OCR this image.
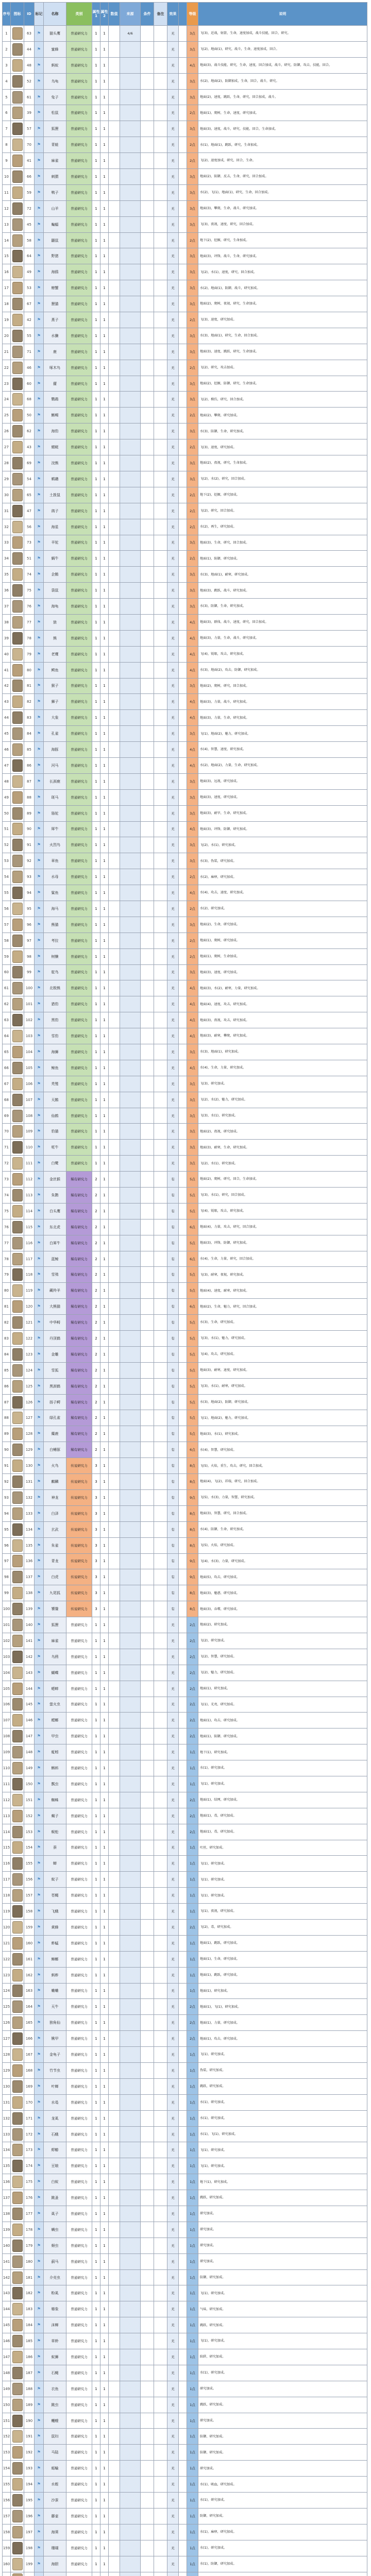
序号	图标	ID	标记	名称	类别	属性1	属性2	数值	来源	条件	备注	效果		等级	说明
1		63	⚑	猫头鹰	普通研究力	1	1		4/6			无		3点	飞(3)，近战，射箭，生命，速度加成，战斗技能，回合，研究。
2		44	⚑	蜜蜂	普通研究力	1	1					无		3点	飞(2)，地面(1)，研究，战斗，生命，速度加成，回合。
3		48	⚑	蚂蚁	普通研究力	1	1					无		4点	地面(3)，战斗技能，研究，生命，速度，回合加成，战斗，研究，防御，攻击，技能，回合。
4		52	⚑	乌龟	普通研究力	1	1					无		3点	水(2)，地面(2)，防御加成，生命，回合，战斗，研究。
5		61	⚑	兔子	普通研究力	1	1					无		3点	地面(2)，速度，跳跃，生命，研究，回合加成，战斗。
6		39	⚑	松鼠	普通研究力	1	1					无		2点	地面(1)，爬树，生命，速度，研究加成。
7		57	⚑	狐狸	普通研究力	1	1					无		3点	地面(3)，速度，战斗，研究，技能，回合，生命加成。
8		70	⚑	青蛙	普通研究力	1	1					无		2点	水(1)，地面(1)，跳跃，研究，生命加成。
9		41	⚑	麻雀	普通研究力	1	1					无		2点	飞(2)，速度加成，研究，回合，生命。
10		66	⚑	刺猬	普通研究力	1	1					无		3点	地面(2)，防御，反击，生命，研究，回合加成。
11		59	⚑	鸭子	普通研究力	1	1					无		3点	水(2)，飞(1)，地面(1)，研究，生命，回合加成。
12		72	⚑	山羊	普通研究力	1	1					无		3点	地面(3)，攀爬，生命，战斗，研究加成。
13		45	⚑	蝙蝠	普通研究力	1	1					无		3点	飞(3)，夜视，速度，研究，回合加成。
14		58	⚑	鼹鼠	普通研究力	1	1					无		2点	地下(2)，挖掘，研究，生命加成。
15		64	⚑	野猪	普通研究力	1	1					无		3点	地面(3)，冲锋，战斗，生命，研究加成。
16		49	⚑	海鸥	普通研究力	1	1					无		3点	飞(2)，水(1)，速度，研究，回合加成。
17		53	⚑	螃蟹	普通研究力	1	1					无		3点	水(2)，地面(1)，防御，战斗，研究加成。
18		67	⚑	狸猫	普通研究力	1	1					无		3点	地面(2)，爬树，夜视，研究，生命加成。
19		42	⚑	燕子	普通研究力	1	1					无		2点	飞(3)，速度，研究加成。
20		55	⚑	水獭	普通研究力	1	1					无		3点	水(3)，地面(1)，研究，生命，回合加成。
21		71	⚑	鹿	普通研究力	1	1					无		3点	地面(3)，速度，跳跃，研究，生命加成。
22		46	⚑	啄木鸟	普通研究力	1	1					无		2点	飞(2)，研究，攻击加成。
23		60	⚑	獾	普通研究力	1	1					无		3点	地面(2)，挖掘，防御，研究，生命加成。
24		68	⚑	鹦鹉	普通研究力	1	1					无		3点	飞(2)，模仿，研究，回合加成。
25		50	⚑	蜥蜴	普通研究力	1	1					无		2点	地面(2)，攀爬，研究加成。
26		62	⚑	海豹	普通研究力	1	1					无		3点	水(3)，防御，生命，研究加成。
27		43	⚑	蜻蜓	普通研究力	1	1					无		2点	飞(3)，速度，研究加成。
28		69	⚑	浣熊	普通研究力	1	1					无		3点	地面(2)，夜视，研究，生命加成。
29		54	⚑	鹈鹕	普通研究力	1	1					无		3点	飞(2)，水(2)，研究，回合加成。
30		65	⚑	土拨鼠	普通研究力	1	1					无		2点	地下(2)，挖掘，研究加成。
31		47	⚑	鸽子	普通研究力	1	1					无		2点	飞(2)，研究，回合加成。
32		56	⚑	海星	普通研究力	1	1					无		2点	水(2)，再生，研究加成。
33		73	⚑	羊驼	普通研究力	1	1					无		3点	地面(3)，生命，研究，回合加成。
34		51	⚑	蜗牛	普通研究力	1	1					无		2点	地面(1)，防御，研究加成。
35		74	⚑	企鹅	普通研究力	1	1					无		3点	水(3)，地面(1)，耐寒，研究加成。
36		75	⚑	袋鼠	普通研究力	1	1					无		3点	地面(3)，跳跃，战斗，研究加成。
37		76	⚑	海龟	普通研究力	1	1					无		3点	水(3)，防御，生命，研究加成。
38		77	⚑	狼	普通研究力	1	1					无		4点	地面(3)，群体，战斗，速度，研究，回合加成。
39		78	⚑	熊	普通研究力	1	1					无		4点	地面(3)，力量，生命，战斗，研究加成。
40		79	⚑	老鹰	普通研究力	1	1					无		4点	飞(4)，锐眼，攻击，研究加成。
41		80	⚑	鳄鱼	普通研究力	1	1					无		4点	水(3)，地面(2)，攻击，防御，研究加成。
42		81	⚑	猴子	普通研究力	1	1					无		3点	地面(2)，爬树，研究，回合加成。
43		82	⚑	狮子	普通研究力	1	1					无		4点	地面(3)，力量，战斗，研究加成。
44		83	⚑	大象	普通研究力	1	1					无		4点	地面(3)，力量，生命，研究加成。
45		84	⚑	孔雀	普通研究力	1	1					无		3点	飞(1)，地面(2)，魅力，研究加成。
46		85	⚑	海豚	普通研究力	1	1					无		4点	水(4)，智慧，速度，研究加成。
47		86	⚑	河马	普通研究力	1	1					无		4点	水(2)，地面(2)，力量，生命，研究加成。
48		87	⚑	长颈鹿	普通研究力	1	1					无		3点	地面(3)，远视，研究加成。
49		88	⚑	斑马	普通研究力	1	1					无		3点	地面(3)，速度，研究加成。
50		89	⚑	骆驼	普通研究力	1	1					无		3点	地面(3)，耐旱，生命，研究加成。
51		90	⚑	犀牛	普通研究力	1	1					无		4点	地面(3)，冲锋，防御，研究加成。
52		91	⚑	火烈鸟	普通研究力	1	1					无		3点	飞(2)，水(1)，研究加成。
53		92	⚑	章鱼	普通研究力	1	1					无		3点	水(3)，伪装，研究加成。
54		93	⚑	水母	普通研究力	1	1					无		2点	水(2)，麻痹，研究加成。
55		94	⚑	鲨鱼	普通研究力	1	1					无		4点	水(4)，攻击，速度，研究加成。
56		95	⚑	海马	普通研究力	1	1					无		2点	水(2)，研究加成。
57		96	⚑	熊猫	普通研究力	1	1					无		3点	地面(2)，生命，研究加成。
58		97	⚑	考拉	普通研究力	1	1					无		2点	地面(1)，爬树，研究加成。
59		98	⚑	树懒	普通研究力	1	1					无		2点	地面(1)，爬树，生命加成。
60		99	⚑	鸵鸟	普通研究力	1	1					无		3点	地面(3)，速度，研究加成。
61		100	⚑	北极熊	普通研究力	1	1					无		4点	地面(3)，水(2)，耐寒，力量，研究加成。
62		101	⚑	猎豹	普通研究力	1	1					无		4点	地面(4)，速度，攻击，研究加成。
63		102	⚑	黑豹	普通研究力	1	1					无		4点	地面(3)，夜视，攻击，研究加成。
64		103	⚑	雪豹	普通研究力	1	1					无		4点	地面(3)，耐寒，攀爬，研究加成。
65		104	⚑	海狮	普通研究力	1	1					无		3点	水(3)，地面(1)，研究加成。
66		105	⚑	鲸鱼	普通研究力	1	1					无		4点	水(4)，生命，力量，研究加成。
67		106	⚑	秃鹫	普通研究力	1	1					无		3点	飞(3)，研究加成。
68		107	⚑	天鹅	普通研究力	1	1					无		3点	飞(2)，水(2)，魅力，研究加成。
69		108	⚑	仙鹤	普通研究力	1	1					无		3点	飞(3)，水(1)，研究加成。
70		109	⚑	豹猫	普通研究力	1	1					无		3点	地面(2)，夜视，研究加成。
71		110	⚑	牦牛	普通研究力	1	1					无		3点	地面(3)，耐寒，生命，研究加成。
72		111	⚑	白鹭	普通研究力	1	1					无		3点	飞(2)，水(1)，研究加成。
73		112	⚑	金丝猴	稀有研究力	2	1					有		5点	地面(2)，爬树，研究，回合，生命加成。
74		113	⚑	朱鹮	稀有研究力	2	1					有		5点	飞(3)，水(1)，研究，回合加成。
75		114	⚑	白头鹰	稀有研究力	2	1					有		5点	飞(4)，锐眼，攻击，研究加成。
76		115	⚑	东北虎	稀有研究力	2	1					有		6点	地面(4)，力量，攻击，研究，回合加成。
77		116	⚑	白犀牛	稀有研究力	2	1					有		5点	地面(3)，冲锋，防御，研究加成。
78		117	⚑	蓝鲸	稀有研究力	2	1					有		6点	水(4)，生命，力量，研究，回合加成。
79		118	⚑	雪鸮	稀有研究力	2	1					有		5点	飞(3)，耐寒，夜视，研究加成。
80		119	⚑	藏羚羊	稀有研究力	2	1					有		5点	地面(4)，速度，耐寒，研究加成。
81		120	⚑	大熊猫	稀有研究力	2	1					有		6点	地面(2)，生命，魅力，研究，回合加成。
82		121	⚑	中华鲟	稀有研究力	2	1					有		5点	水(3)，生命，研究加成。
83		122	⚑	丹顶鹤	稀有研究力	2	1					有		5点	飞(3)，水(1)，魅力，研究加成。
84		123	⚑	金雕	稀有研究力	2	1					有		5点	飞(4)，攻击，研究加成。
85		124	⚑	雪狐	稀有研究力	2	1					有		5点	地面(3)，耐寒，速度，研究加成。
86		125	⚑	黑颈鹤	稀有研究力	2	1					有		5点	飞(3)，水(1)，耐寒，研究加成。
87		126	⚑	扬子鳄	稀有研究力	2	1					有		5点	水(3)，地面(2)，防御，研究加成。
88		127	⚑	绿孔雀	稀有研究力	2	1					有		5点	飞(1)，地面(2)，魅力，研究加成。
89		128	⚑	麋鹿	稀有研究力	2	1					有		5点	地面(3)，水(1)，研究加成。
90		129	⚑	白鳍豚	稀有研究力	2	1					有		6点	水(4)，智慧，研究加成。
91		130	⚑	火鸟	传说研究力	3	1					有		8点	飞(5)，火焰，重生，攻击，研究，回合加成。
92		131	⚑	麒麟	传说研究力	3	1					有		8点	地面(4)，飞(2)，祥瑞，研究，回合加成。
93		132	⚑	神龙	传说研究力	3	1					有		9点	飞(5)，水(3)，力量，智慧，研究加成。
94		133	⚑	白泽	传说研究力	3	1					有		8点	地面(3)，智慧，研究，回合加成。
95		134	⚑	玄武	传说研究力	3	1					有		8点	水(4)，防御，生命，研究加成。
96		135	⚑	朱雀	传说研究力	3	1					有		8点	飞(5)，火焰，研究加成。
97		136	⚑	青龙	传说研究力	3	1					有		9点	飞(4)，水(3)，力量，研究加成。
98		137	⚑	白虎	传说研究力	3	1					有		9点	地面(5)，攻击，研究加成。
99		138	⚑	九尾狐	传说研究力	3	1					有		8点	地面(3)，魅惑，研究加成。
100		139	⚑	饕餮	传说研究力	3	1					有		8点	地面(3)，吞噬，研究加成。
101		140	⚑	狐狸	普通研究力	1	1					无		2点	地面(2)，研究加成。
102		141	⚑	麻雀	普通研究力	1	1					无		2点	飞(2)，研究加成。
103		142	⚑	乌鸦	普通研究力	1	1					无		2点	飞(2)，智慧，研究加成。
104		143	⚑	蝴蝶	普通研究力	1	1					无		2点	飞(2)，魅力，研究加成。
105		144	⚑	蟋蟀	普通研究力	1	1					无		2点	地面(1)，研究加成。
106		145	⚑	萤火虫	普通研究力	1	1					无		2点	飞(1)，光亮，研究加成。
107		146	⚑	螳螂	普通研究力	1	1					无		2点	地面(1)，攻击，研究加成。
108		147	⚑	甲虫	普通研究力	1	1					无		2点	地面(1)，防御，研究加成。
109		148	⚑	蚯蚓	普通研究力	1	1					无		1点	地下(1)，研究加成。
110		149	⚑	蝌蚪	普通研究力	1	1					无		1点	水(1)，研究加成。
111		150	⚑	瓢虫	普通研究力	1	1					无		1点	飞(1)，研究加成。
112		151	⚑	蜘蛛	普通研究力	1	1					无		2点	地面(1)，结网，研究加成。
113		152	⚑	蝎子	普通研究力	1	1					无		2点	地面(1)，毒，研究加成。
114		153	⚑	蜈蚣	普通研究力	1	1					无		2点	地面(1)，毒，研究加成。
115		154	⚑	蚕	普通研究力	1	1					无		1点	吐丝，研究加成。
116		155	⚑	蝉	普通研究力	1	1					无		1点	飞(1)，研究加成。
117		156	⚑	蚊子	普通研究力	1	1					无		1点	飞(1)，研究加成。
118		157	⚑	苍蝇	普通研究力	1	1					无		1点	飞(1)，研究加成。
119		158	⚑	飞蛾	普通研究力	1	1					无		1点	飞(1)，夜视，研究加成。
120		159	⚑	黄蜂	普通研究力	1	1					无		2点	飞(2)，毒，研究加成。
121		160	⚑	蚱蜢	普通研究力	1	1					无		1点	地面(1)，跳跃，研究加成。
122		161	⚑	蟑螂	普通研究力	1	1					无		1点	地面(1)，生命，研究加成。
123		162	⚑	蚂蚱	普通研究力	1	1					无		1点	地面(1)，跳跃，研究加成。
124		163	⚑	蛐蛐	普通研究力	1	1					无		1点	地面(1)，研究加成。
125		164	⚑	天牛	普通研究力	1	1					无		2点	地面(1)，飞(1)，研究加成。
126		165	⚑	独角仙	普通研究力	1	1					无		2点	地面(1)，力量，研究加成。
127		166	⚑	锹甲	普通研究力	1	1					无		2点	地面(1)，攻击，研究加成。
128		167	⚑	金龟子	普通研究力	1	1					无		1点	飞(1)，研究加成。
129		168	⚑	竹节虫	普通研究力	1	1					无		1点	伪装，研究加成。
130		169	⚑	叶蝉	普通研究力	1	1					无		1点	跳跃，研究加成。
131		170	⚑	水黾	普通研究力	1	1					无		1点	水(1)，研究加成。
132		171	⚑	龙虱	普通研究力	1	1					无		1点	水(1)，研究加成。
133		172	⚑	石蛾	普通研究力	1	1					无		1点	水(1)，飞(1)，研究加成。
134		173	⚑	蜉蝣	普通研究力	1	1					无		1点	飞(1)，研究加成。
135		174	⚑	豆娘	普通研究力	1	1					无		1点	飞(1)，研究加成。
136		175	⚑	白蚁	普通研究力	1	1					无		1点	地下(1)，研究加成。
137		176	⚑	跳蚤	普通研究力	1	1					无		1点	跳跃，研究加成。
138		177	⚑	虱子	普通研究力	1	1					无		1点	研究加成。
139		178	⚑	螨虫	普通研究力	1	1					无		1点	研究加成。
140		179	⚑	蚜虫	普通研究力	1	1					无		1点	研究加成。
141		180	⚑	蓟马	普通研究力	1	1					无		1点	研究加成。
142		181	⚑	介壳虫	普通研究力	1	1					无		1点	防御，研究加成。
143		182	⚑	粉虱	普通研究力	1	1					无		1点	飞(1)，研究加成。
144		183	⚑	椿象	普通研究力	1	1					无		1点	气味，研究加成。
145		184	⚑	沫蝉	普通研究力	1	1					无		1点	跳跃，研究加成。
146		185	⚑	草蛉	普通研究力	1	1					无		1点	飞(1)，研究加成。
147		186	⚑	蚁狮	普通研究力	1	1					无		1点	陷阱，研究加成。
148		187	⚑	石蝇	普通研究力	1	1					无		1点	水(1)，研究加成。
149		188	⚑	衣鱼	普通研究力	1	1					无		1点	研究加成。
150		189	⚑	跳虫	普通研究力	1	1					无		1点	跳跃，研究加成。
151		190	⚑	蠼螋	普通研究力	1	1					无		1点	研究加成。
152		191	⚑	鼠妇	普通研究力	1	1					无		1点	防御，研究加成。
153		192	⚑	马陆	普通研究力	1	1					无		1点	防御，研究加成。
154		193	⚑	蛞蝓	普通研究力	1	1					无		1点	研究加成。
155		194	⚑	水蛭	普通研究力	1	1					无		1点	水(1)，吸血，研究加成。
156		195	⚑	沙蚕	普通研究力	1	1					无		1点	水(1)，研究加成。
157		196	⚑	藤壶	普通研究力	1	1					无		1点	防御，研究加成。
158		197	⚑	海葵	普通研究力	1	1					无		1点	水(1)，麻痹，研究加成。
159		198	⚑	珊瑚	普通研究力	1	1					无		1点	水(1)，研究加成。
160		199	⚑	海胆	普通研究力	1	1					无		1点	水(1)，防御，研究加成。
